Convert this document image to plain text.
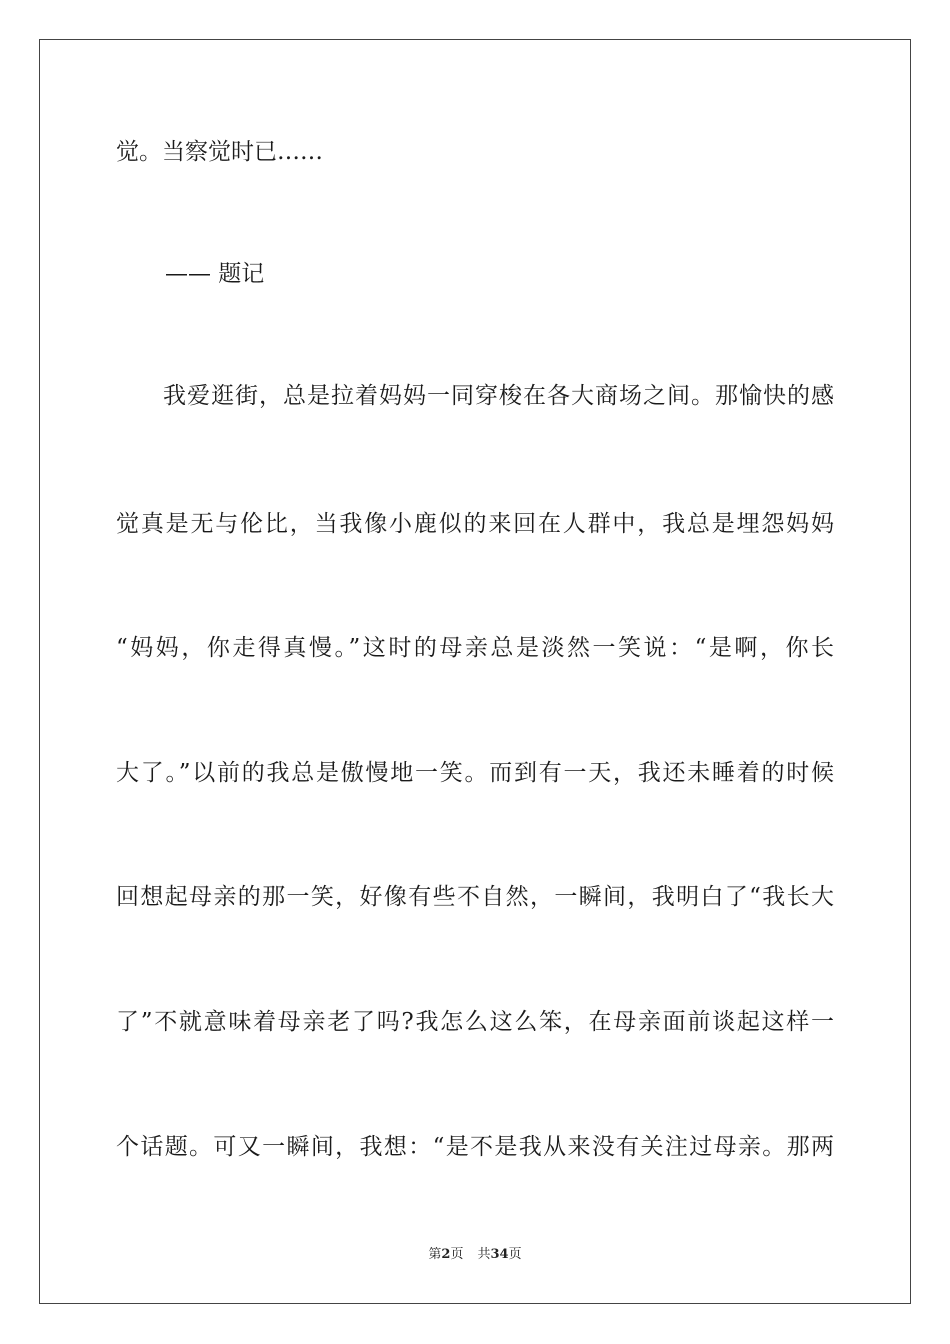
觉。当察觉时已……
—— 题记
我爱逛街，总是拉着妈妈一同穿梭在各大商场之间。那愉快的感
觉真是无与伦比，当我像小鹿似的来回在人群中，我总是埋怨妈妈
“妈妈，你走得真慢。”这时的母亲总是淡然一笑说：“是啊，你长
大了。”以前的我总是傲慢地一笑。而到有一天，我还未睡着的时候
回想起母亲的那一笑，好像有些不自然，一瞬间，我明白了“我长大
了”不就意味着母亲老了吗?我怎么这么笨，在母亲面前谈起这样一
个话题。可又一瞬间，我想：“是不是我从来没有关注过母亲。那两
第2页 共34页
